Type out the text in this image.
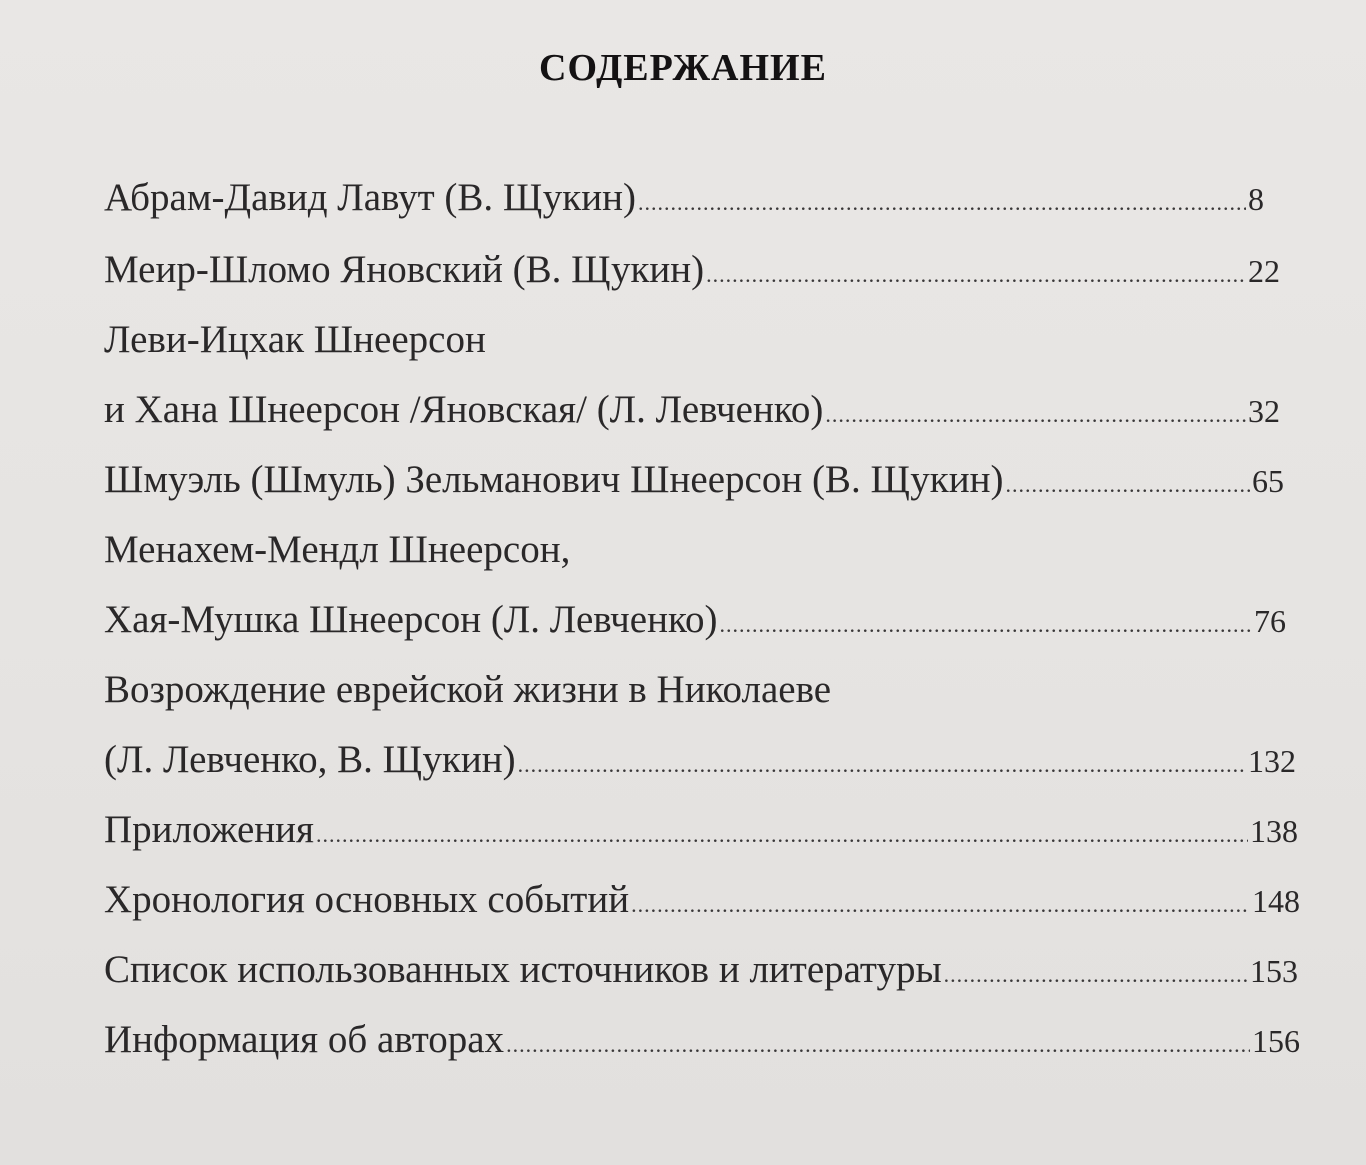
СОДЕРЖАНИЕ
Абрам-Давид Лавут (В. Щукин) .....	8
Меир-Шломо Яновский (В. Щукин) .....	22
Леви-Ицхак Шнеерсон
и Хана Шнеерсон /Яновская/ (Л. Левченко) .....	32
Шмуэль (Шмуль) Зельманович Шнеерсон (В. Щукин) .....	65
Менахем-Мендл Шнеерсон,
Хая-Мушка Шнеерсон (Л. Левченко) .....	76
Возрождение еврейской жизни в Николаеве
(Л. Левченко, В. Щукин) .....	132
Приложения .....	138
Хронология основных событий .....	148
Список использованных источников и литературы .....	153
Информация об авторах .....	156
